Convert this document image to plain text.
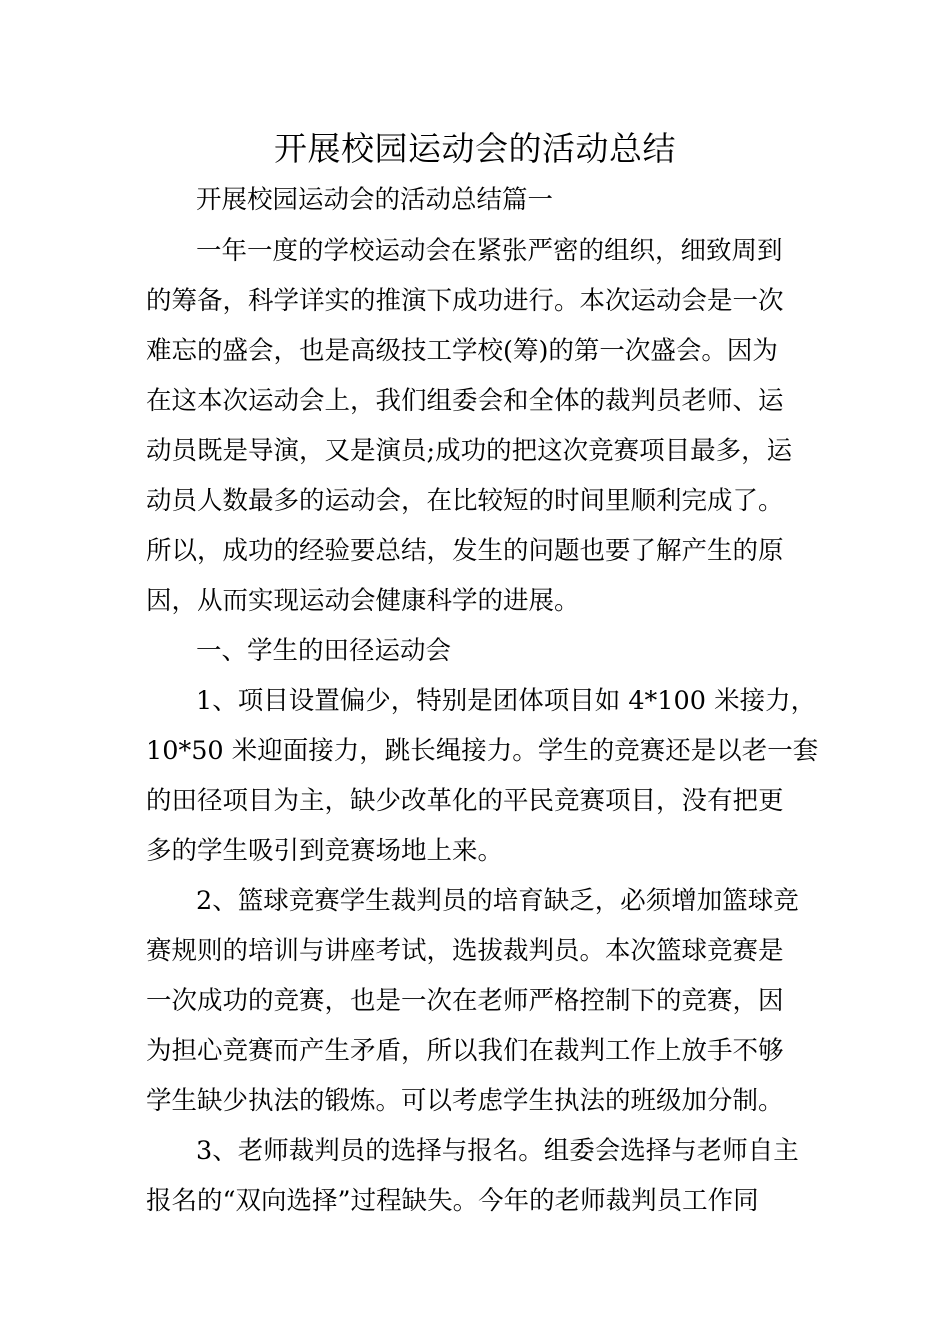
开展校园运动会的活动总结

开展校园运动会的活动总结篇一

一年一度的学校运动会在紧张严密的组织，细致周到

的筹备，科学详实的推演下成功进行。本次运动会是一次

难忘的盛会，也是高级技工学校(筹)的第一次盛会。因为

在这本次运动会上，我们组委会和全体的裁判员老师、运

动员既是导演，又是演员;成功的把这次竞赛项目最多，运

动员人数最多的运动会，在比较短的时间里顺利完成了。

所以，成功的经验要总结，发生的问题也要了解产生的原

因，从而实现运动会健康科学的进展。

一、学生的田径运动会

1、项目设置偏少，特别是团体项目如 4*100 米接力，

10*50 米迎面接力，跳长绳接力。学生的竞赛还是以老一套

的田径项目为主，缺少改革化的平民竞赛项目，没有把更

多的学生吸引到竞赛场地上来。

2、篮球竞赛学生裁判员的培育缺乏，必须增加篮球竞

赛规则的培训与讲座考试，选拔裁判员。本次篮球竞赛是

一次成功的竞赛，也是一次在老师严格控制下的竞赛，因

为担心竞赛而产生矛盾，所以我们在裁判工作上放手不够

学生缺少执法的锻炼。可以考虑学生执法的班级加分制。

3、老师裁判员的选择与报名。组委会选择与老师自主

报名的“双向选择”过程缺失。今年的老师裁判员工作同
